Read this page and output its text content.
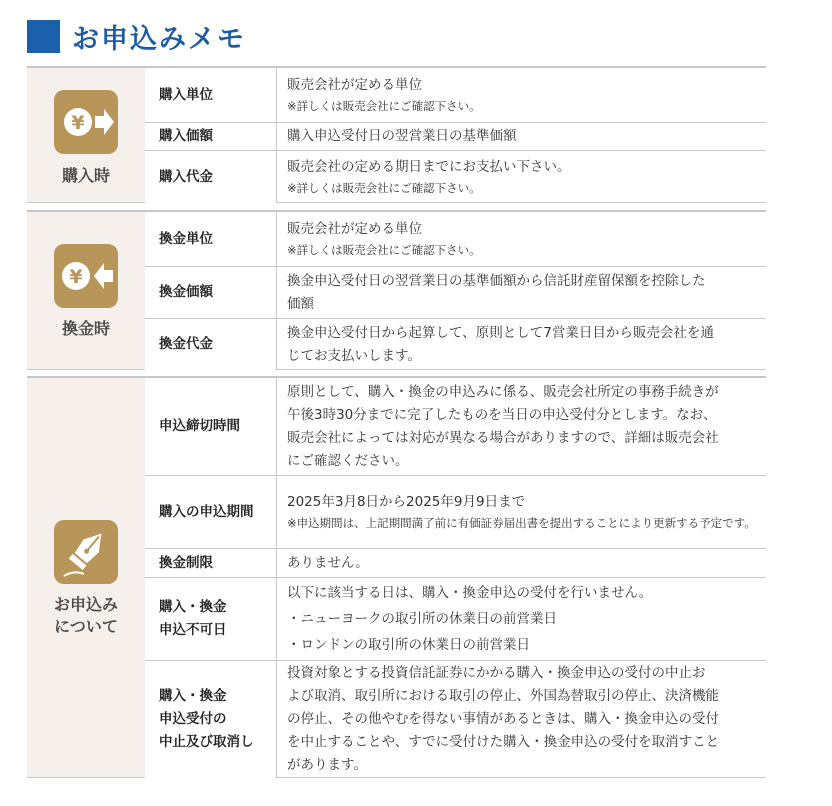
お申込みメモ
¥
購入時
購入単位
販売会社が定める単位
※詳しくは販売会社にご確認下さい。
購入価額	購入申込受付日の翌営業日の基準価額
購入代金
販売会社の定める期日までにお支払い下さい。
※詳しくは販売会社にご確認下さい。
¥
換金時
換金単位
販売会社が定める単位
※詳しくは販売会社にご確認下さい。
換金価額
換金申込受付日の翌営業日の基準価額から信託財産留保額を控除した
価額
換金代金
換金申込受付日から起算して、原則として7営業日目から販売会社を通
じてお支払いします。
お申込み
について
申込締切時間
原則として、購入・換金の申込みに係る、販売会社所定の事務手続きが
午後3時30分までに完了したものを当日の申込受付分とします。なお、
販売会社によっては対応が異なる場合がありますので、詳細は販売会社
にご確認ください。
購入の申込期間
2025年3月8日から2025年9月9日まで
※申込期間は、上記期間満了前に有価証券届出書を提出することにより更新する予定です。
換金制限	ありません。
購入・換金
申込不可日
以下に該当する日は、購入・換金申込の受付を行いません。
・ニューヨークの取引所の休業日の前営業日
・ロンドンの取引所の休業日の前営業日
購入・換金
申込受付の
中止及び取消し
投資対象とする投資信託証券にかかる購入・換金申込の受付の中止お
よび取消、取引所における取引の停止、外国為替取引の停止、決済機能
の停止、その他やむを得ない事情があるときは、購入・換金申込の受付
を中止することや、すでに受付けた購入・換金申込の受付を取消すこと
があります。
